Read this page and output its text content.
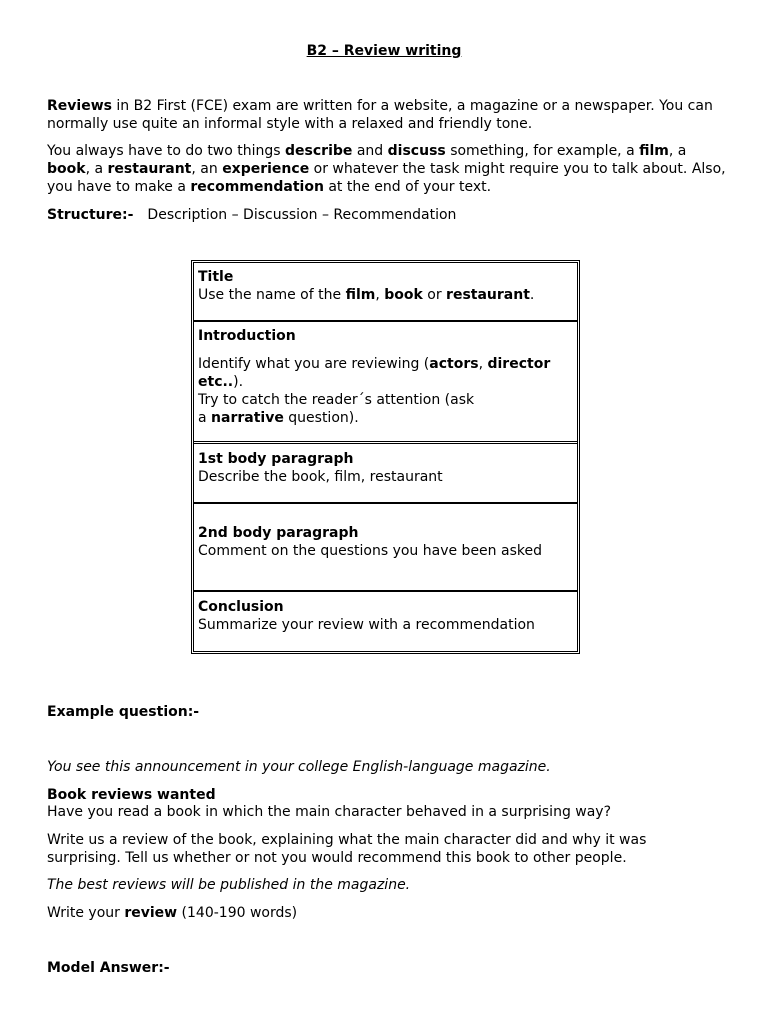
B2 – Review writing

Reviews in B2 First (FCE) exam are written for a website, a magazine or a newspaper. You can normally use quite an informal style with a relaxed and friendly tone.

You always have to do two things describe and discuss something, for example, a film, a book, a restaurant, an experience or whatever the task might require you to talk about. Also, you have to make a recommendation at the end of your text.

Structure:- Description – Discussion – Recommendation

Title

Use the name of the film, book or restaurant.

Introduction

Identify what you are reviewing (actors, director etc..).

Try to catch the reader´s attention (ask

a narrative question).

1st body paragraph

Describe the book, film, restaurant

2nd body paragraph

Comment on the questions you have been asked

Conclusion

Summarize your review with a recommendation

Example question:-

You see this announcement in your college English-language magazine.

Book reviews wanted

Have you read a book in which the main character behaved in a surprising way?

Write us a review of the book, explaining what the main character did and why it was surprising. Tell us whether or not you would recommend this book to other people.

The best reviews will be published in the magazine.

Write your review (140-190 words)

Model Answer:-
